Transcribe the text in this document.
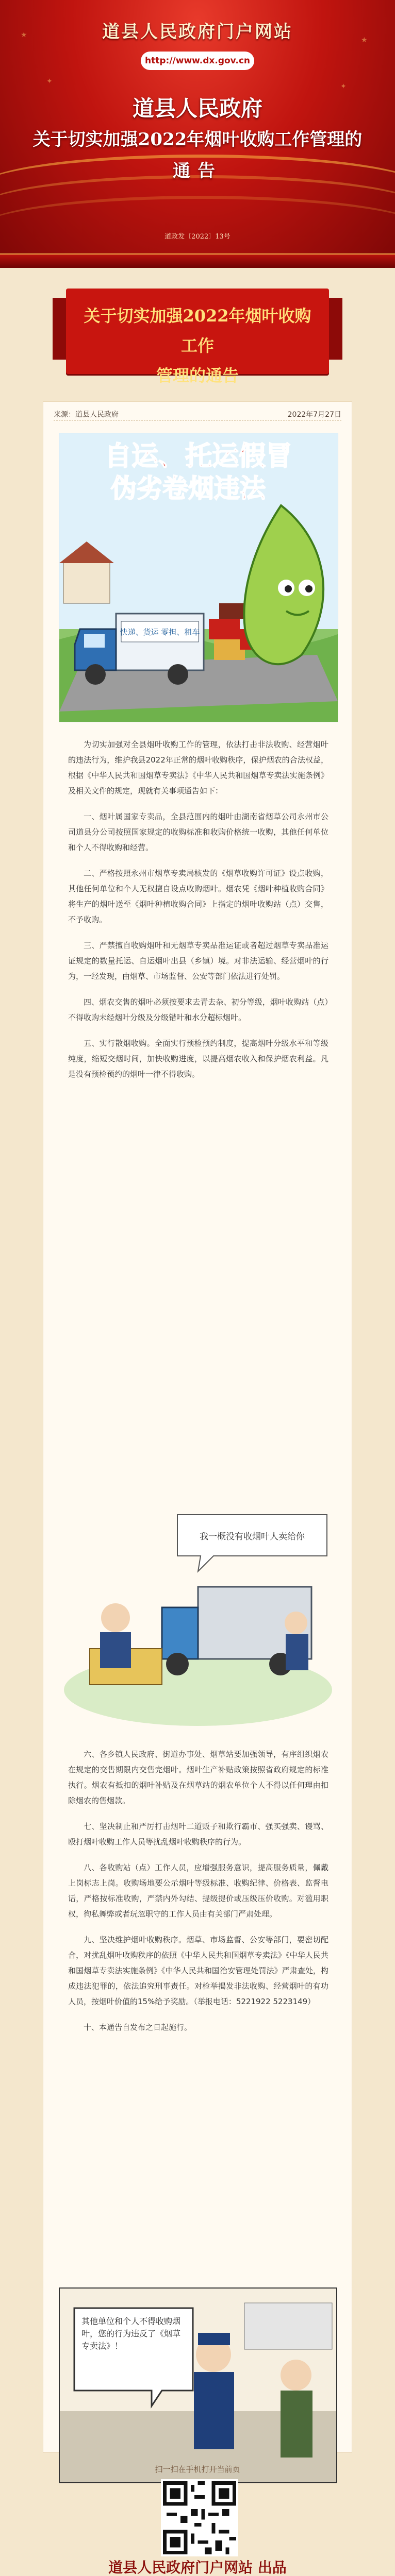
★
★
✦
✦
道县人民政府门户网站
http://www.dx.gov.cn
道县人民政府
关于切实加强2022年烟叶收购工作管理的
通告
道政发〔2022〕13号
关于切实加强2022年烟叶收购工作
管理的通告
来源：道县人民政府	2022年7月27日
自运、托运假冒
伪劣卷烟违法
快递、货运 零担、租车

为切实加强对全县烟叶收购工作的管理，依法打击非法收购、经营烟叶的违法行为，维护我县2022年正常的烟叶收购秩序，保护烟农的合法权益，根据《中华人民共和国烟草专卖法》《中华人民共和国烟草专卖法实施条例》及相关文件的规定，现就有关事项通告如下：

一、烟叶属国家专卖品，全县范围内的烟叶由湖南省烟草公司永州市公司道县分公司按照国家规定的收购标准和收购价格统一收购，其他任何单位和个人不得收购和经营。

二、严格按照永州市烟草专卖局核发的《烟草收购许可证》设点收购，其他任何单位和个人无权擅自设点收购烟叶。烟农凭《烟叶种植收购合同》将生产的烟叶送至《烟叶种植收购合同》上指定的烟叶收购站（点）交售，不予收购。

三、严禁擅自收购烟叶和无烟草专卖品准运证或者超过烟草专卖品准运证规定的数量托运、自运烟叶出县（乡镇）境。对非法运输、经营烟叶的行为，一经发现，由烟草、市场监督、公安等部门依法进行处罚。

四、烟农交售的烟叶必须按要求去青去杂、初分等级，烟叶收购站（点）不得收购未经烟叶分级及分级错叶和水分超标烟叶。

五、实行散烟收购。全面实行预检预约制度，提高烟叶分级水平和等级纯度，缩短交烟时间，加快收购进度，以提高烟农收入和保护烟农利益。凡是没有预检预约的烟叶一律不得收购。

我一概没有收烟叶人卖给你

六、各乡镇人民政府、街道办事处、烟草站要加强领导，有序组织烟农在规定的交售期限内交售完烟叶。烟叶生产补贴政策按照省政府规定的标准执行。烟农有抵扣的烟叶补贴及在烟草站的烟农单位个人不得以任何理由扣除烟农的售烟款。

七、坚决制止和严厉打击烟叶二道贩子和欺行霸市、强买强卖、谩骂、殴打烟叶收购工作人员等扰乱烟叶收购秩序的行为。

八、各收购站（点）工作人员，应增强服务意识，提高服务质量，佩戴上岗标志上岗。收购场地要公示烟叶等级标准、收购纪律、价格表、监督电话，严格按标准收购，严禁内外勾结、提级提价或压级压价收购。对滥用职权，徇私舞弊或者玩忽职守的工作人员由有关部门严肃处理。

九、坚决维护烟叶收购秩序。烟草、市场监督、公安等部门，要密切配合，对扰乱烟叶收购秩序的依照《中华人民共和国烟草专卖法》《中华人民共和国烟草专卖法实施条例》《中华人民共和国治安管理处罚法》严肃查处，构成违法犯罪的，依法追究刑事责任。对检举揭发非法收购、经营烟叶的有功人员，按烟叶价值的15%给予奖励。（举报电话：5221922 5223149）

十、本通告自发布之日起施行。

其他单位和个人不得收购烟叶，您的行为违反了《烟草专卖法》！
扫一扫在手机打开当前页
道县人民政府门户网站 出品
